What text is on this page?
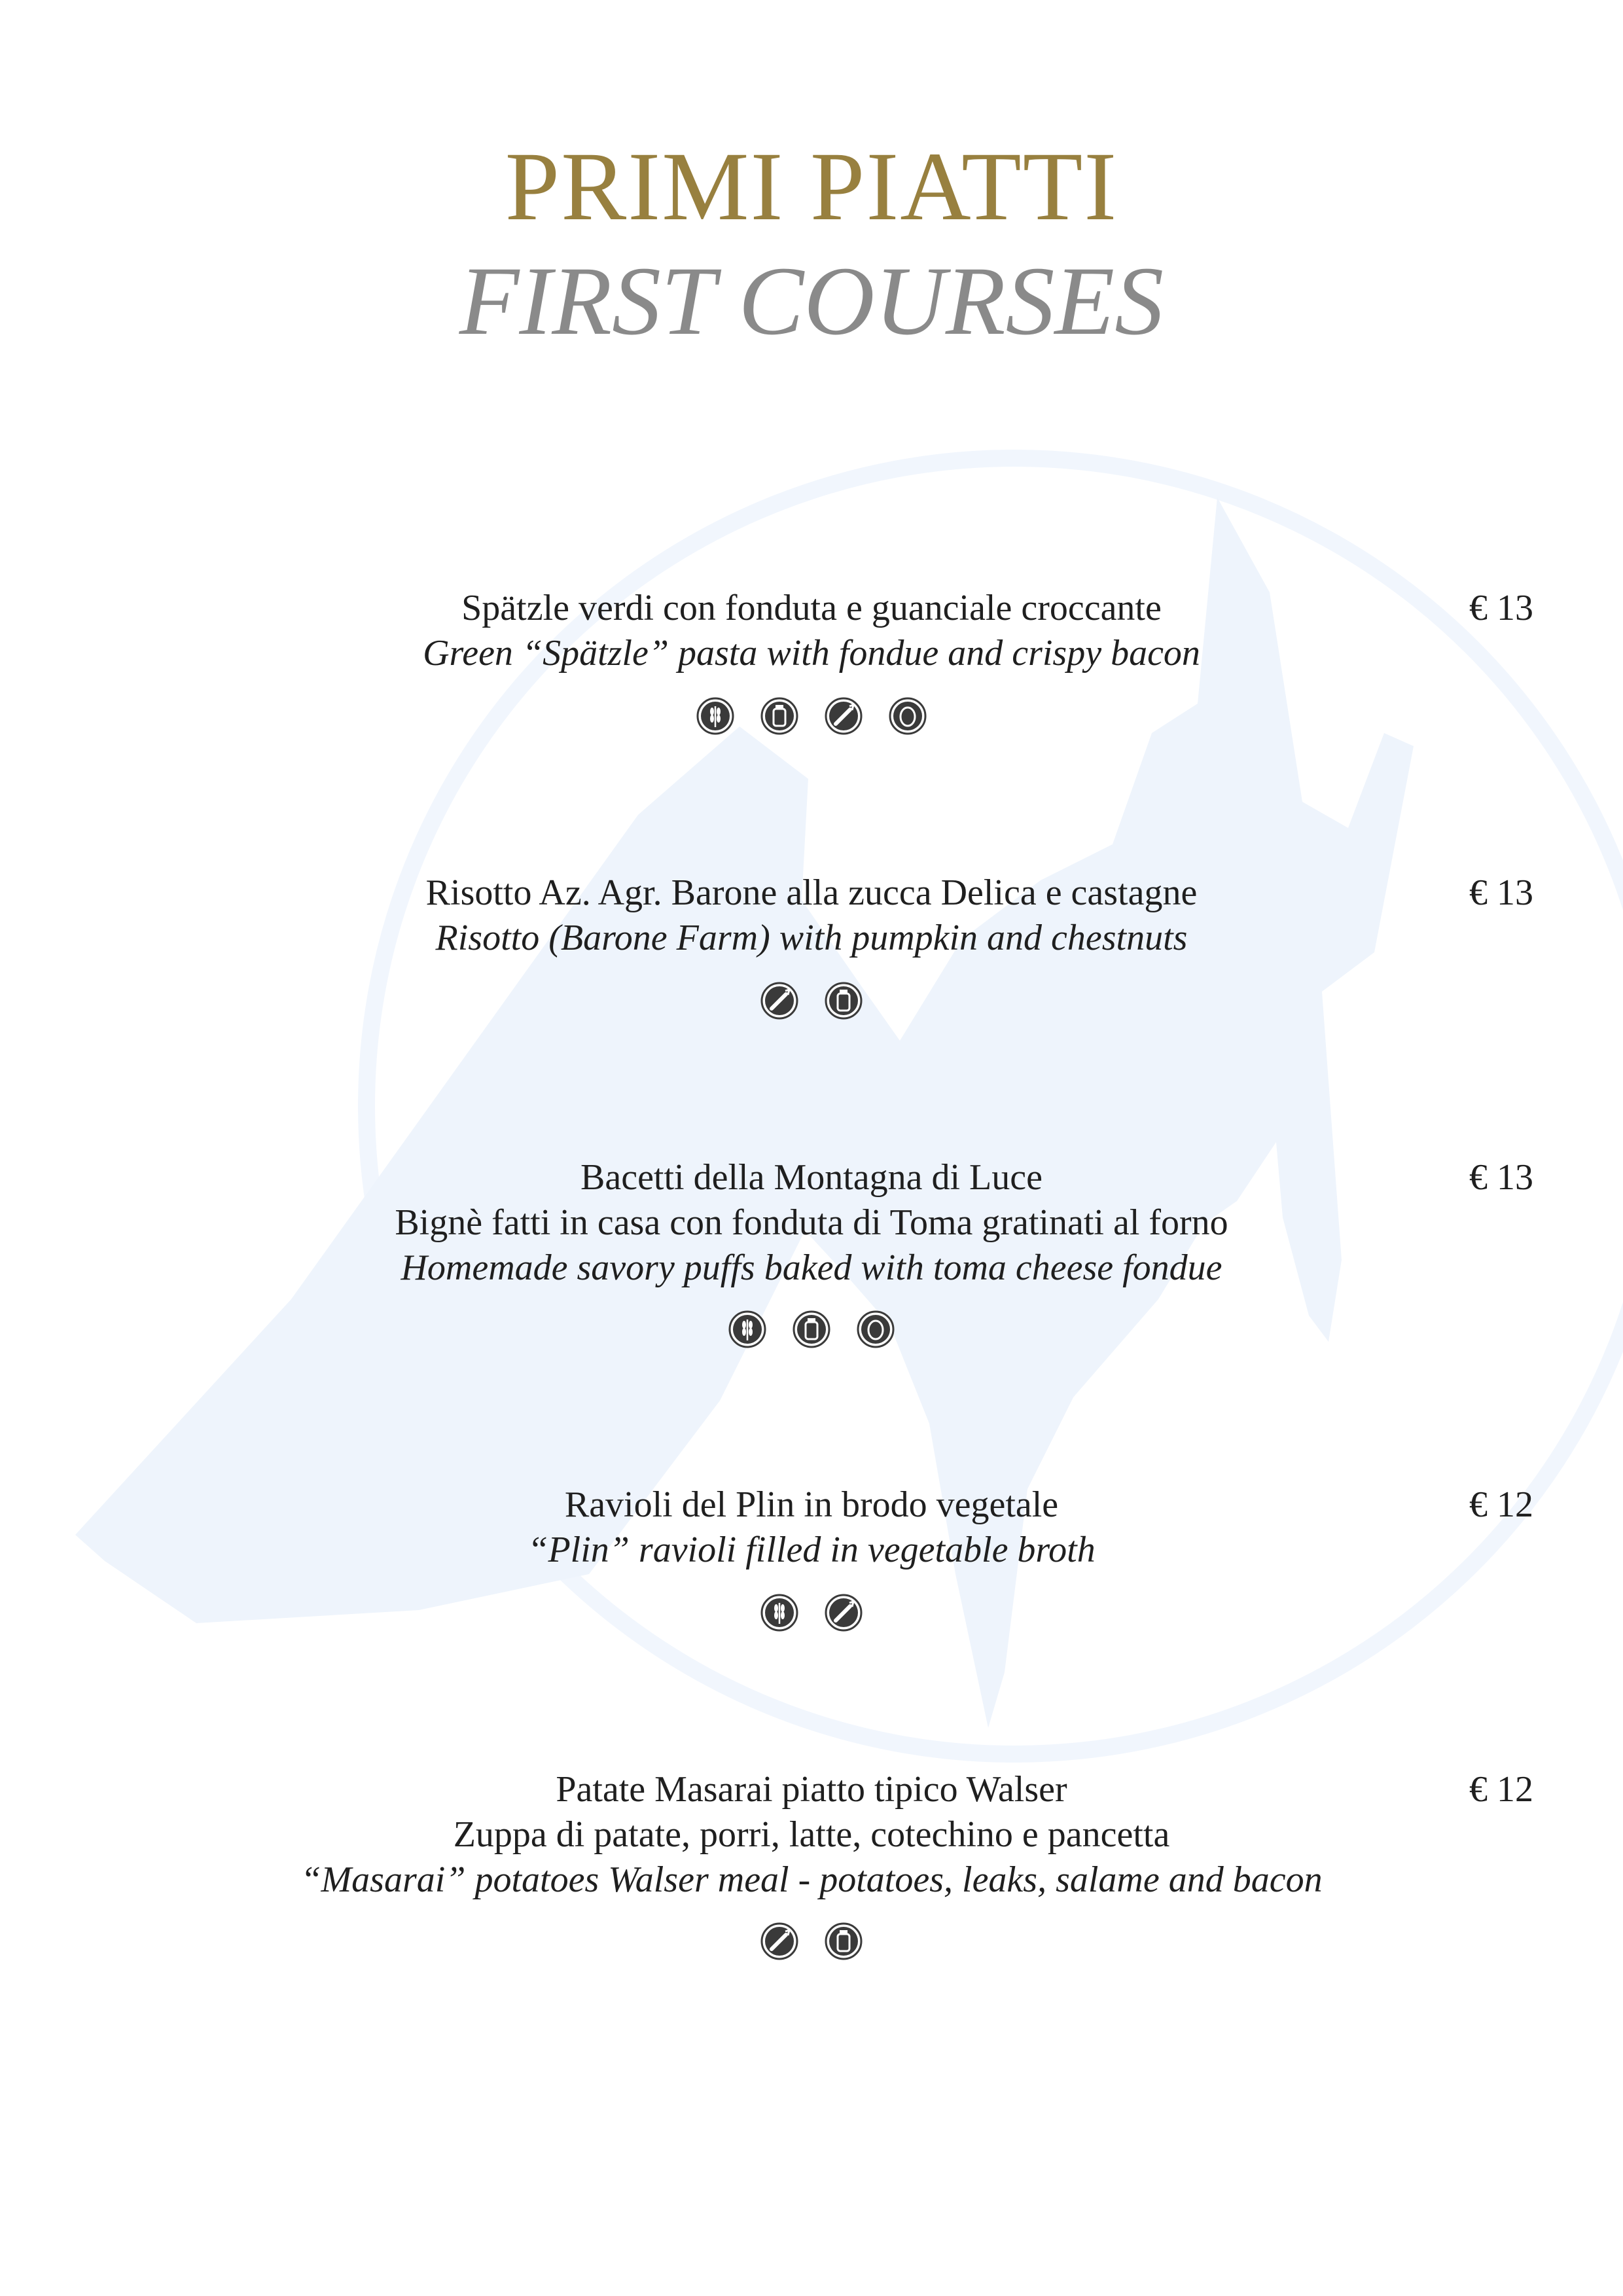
PRIMI PIATTI
FIRST COURSES
Spätzle verdi con fonduta e guanciale croccante
Green “Spätzle” pasta with fondue and crispy bacon
€ 13
Risotto Az. Agr. Barone alla zucca Delica e castagne
Risotto (Barone Farm) with pumpkin and chestnuts
€ 13
Bacetti della Montagna di Luce
Bignè fatti in casa con fonduta di Toma gratinati al forno
Homemade savory puffs baked with toma cheese fondue
€ 13
Ravioli del Plin in brodo vegetale
“Plin” ravioli filled in vegetable broth
€ 12
Patate Masarai piatto tipico Walser
Zuppa di patate, porri, latte, cotechino e pancetta
“Masarai” potatoes Walser meal - potatoes, leaks, salame and bacon
€ 12
